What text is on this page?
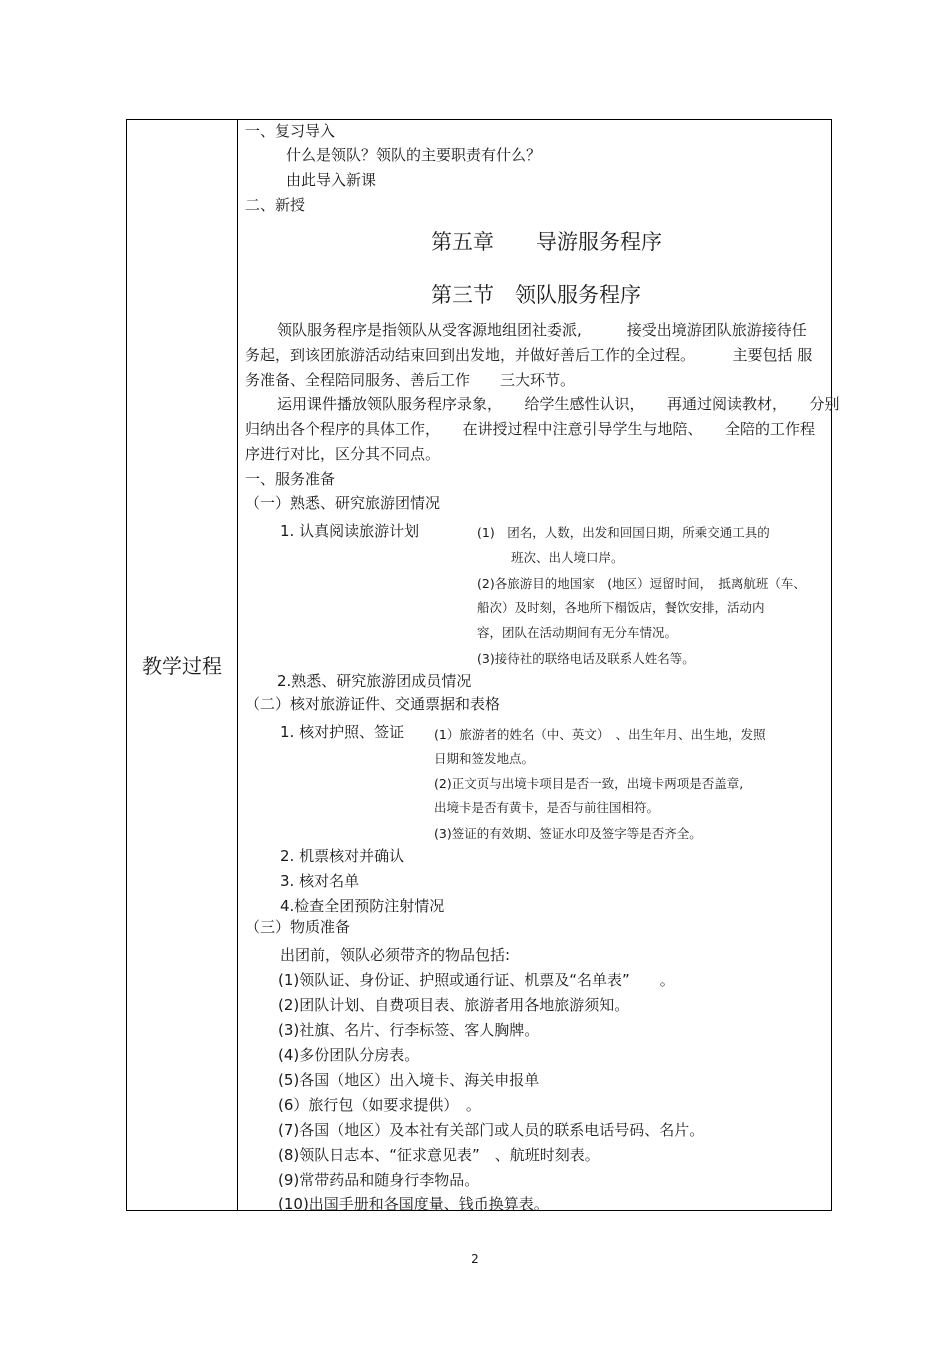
教学过程
一、复习导入
什么是领队？领队的主要职责有什么？
由此导入新课
二、新授
第五章　　导游服务程序
第三节　领队服务程序
领队服务程序是指领队从受客源地组团社委派,　　　接受出境游团队旅游接待任
务起，到该团旅游活动结束回到出发地，并做好善后工作的全过程。　　　主要包括 服
务准备、全程陪同服务、善后工作　　三大环节。
运用课件播放领队服务程序录象，　　给学生感性认识，　　再通过阅读教材，　　分别
归纳出各个程序的具体工作，　　在讲授过程中注意引导学生与地陪、　　全陪的工作程
序进行对比，区分其不同点。
一、服务准备
（一）熟悉、研究旅游团情况
1. 认真阅读旅游计划	(1)　团名，人数，出发和回国日期，所乘交通工具的
班次、出人境口岸。
(2)各旅游目的地国家　(地区）逗留时间，　抵离航班（车、
船次）及时刻，各地所下榻饭店，餐饮安排，活动内
容，团队在活动期间有无分车情况。
(3)接待社的联络电话及联系人姓名等。
2.熟悉、研究旅游团成员情况
（二）核对旅游证件、交通票据和表格
1. 核对护照、签证 (1）旅游者的姓名（中、英文）　、出生年月、出生地，发照
日期和签发地点。
(2)正文页与出境卡项目是否一致，出境卡两项是否盖章,
出境卡是否有黄卡，是否与前往国相符。
(3)签证的有效期、签证水印及签字等是否齐全。
2. 机票核对并确认
3. 核对名单
4.检查全团预防注射情况
（三）物质准备
出团前，领队必须带齐的物品包括:
(1)领队证、身份证、护照或通行证、机票及“名单表”　　。
(2)团队计划、自费项目表、旅游者用各地旅游须知。
(3)社旗、名片、行李标签、客人胸牌。
(4)多份团队分房表。
(5)各国（地区）出入境卡、海关申报单
(6）旅行包（如要求提供）　。
(7)各国（地区）及本社有关部门或人员的联系电话号码、名片。
(8)领队日志本、“征求意见表”　、航班时刻表。
(9)常带药品和随身行李物品。
(10)出国手册和各国度量、钱币换算表。
2
